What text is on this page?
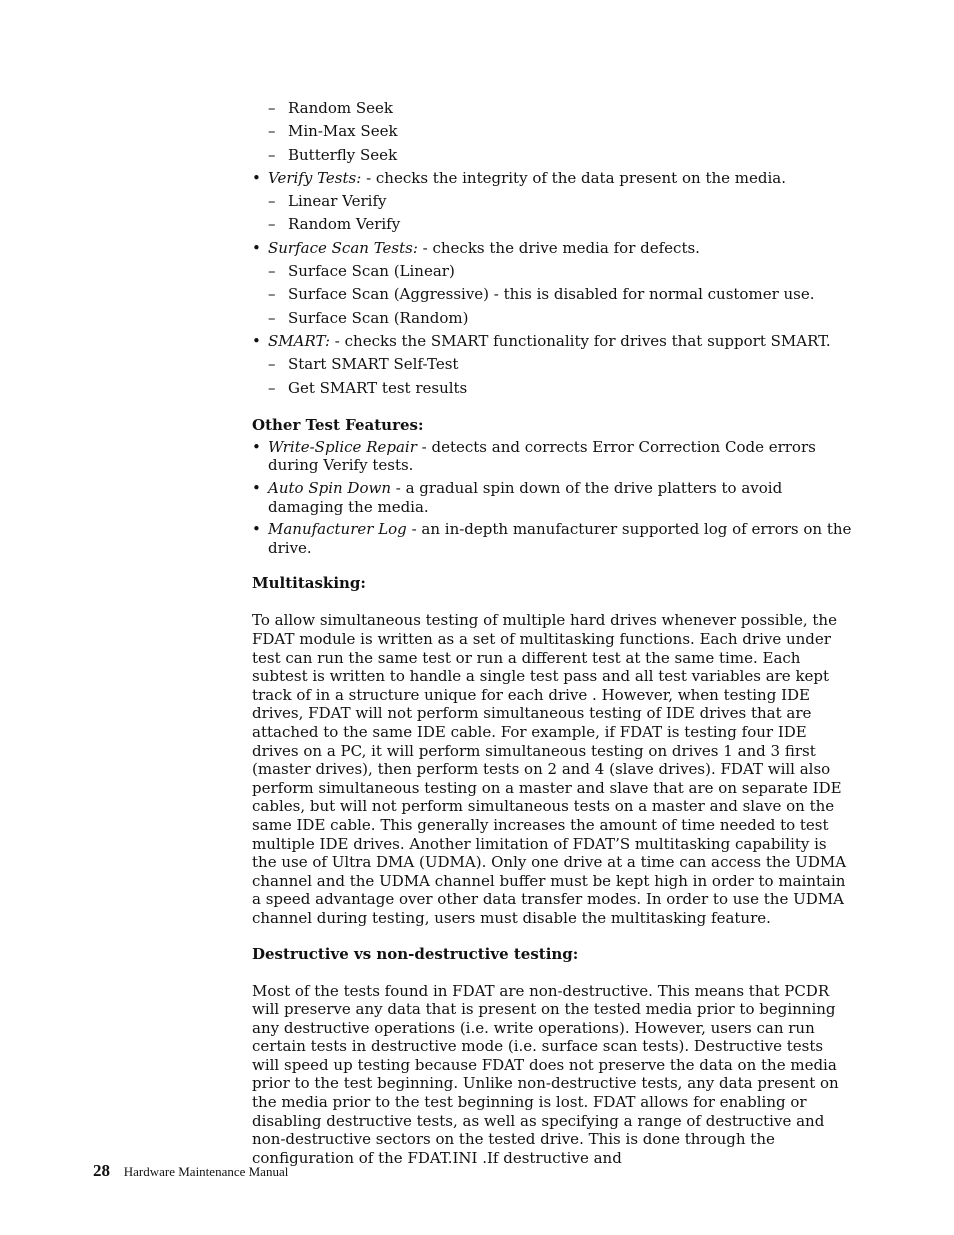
– Random Seek
– Min-Max Seek
– Butterfly Seek
• Verify Tests: - checks the integrity of the data present on the media.
– Linear Verify
– Random Verify
• Surface Scan Tests: - checks the drive media for defects.
– Surface Scan (Linear)
– Surface Scan (Aggressive) - this is disabled for normal customer use.
– Surface Scan (Random)
• SMART: - checks the SMART functionality for drives that support SMART.
– Start SMART Self-Test
– Get SMART test results
Other Test Features:
• Write-Splice Repair - detects and corrects Error Correction Code errors during Verify tests.
• Auto Spin Down - a gradual spin down of the drive platters to avoid damaging the media.
• Manufacturer Log - an in-depth manufacturer supported log of errors on the drive.
Multitasking:

To allow simultaneous testing of multiple hard drives whenever possible, the FDAT module is written as a set of multitasking functions. Each drive under test can run the same test or run a different test at the same time. Each subtest is written to handle a single test pass and all test variables are kept track of in a structure unique for each drive . However, when testing IDE drives, FDAT will not perform simultaneous testing of IDE drives that are attached to the same IDE cable. For example, if FDAT is testing four IDE drives on a PC, it will perform simultaneous testing on drives 1 and 3 first (master drives), then perform tests on 2 and 4 (slave drives). FDAT will also perform simultaneous testing on a master and slave that are on separate IDE cables, but will not perform simultaneous tests on a master and slave on the same IDE cable. This generally increases the amount of time needed to test multiple IDE drives. Another limitation of FDAT’S multitasking capability is the use of Ultra DMA (UDMA). Only one drive at a time can access the UDMA channel and the UDMA channel buffer must be kept high in order to maintain a speed advantage over other data transfer modes. In order to use the UDMA channel during testing, users must disable the multitasking feature.

Destructive vs non-destructive testing:

Most of the tests found in FDAT are non-destructive. This means that PCDR will preserve any data that is present on the tested media prior to beginning any destructive operations (i.e. write operations). However, users can run certain tests in destructive mode (i.e. surface scan tests). Destructive tests will speed up testing because FDAT does not preserve the data on the media prior to the test beginning. Unlike non-destructive tests, any data present on the media prior to the test beginning is lost. FDAT allows for enabling or disabling destructive tests, as well as specifying a range of destructive and non-destructive sectors on the tested drive. This is done through the configuration of the FDAT.INI .If destructive and

28 Hardware Maintenance Manual
